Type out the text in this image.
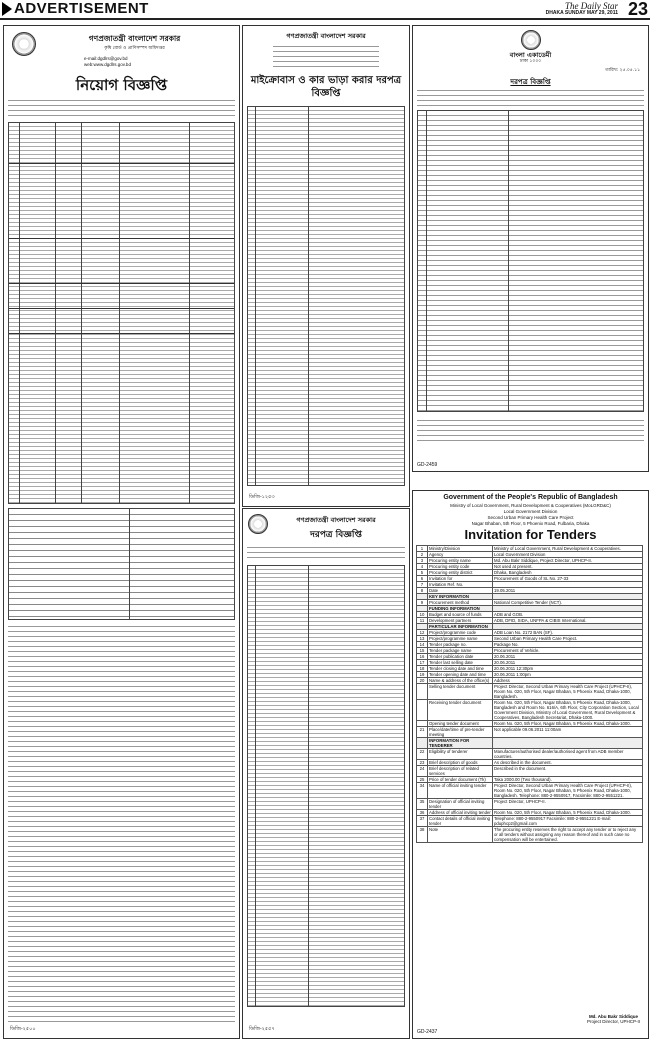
ADVERTISEMENT	The Daily Star
DHAKA SUNDAY MAY 29, 2011 23
গণপ্রজাতন্ত্রী বাংলাদেশ সরকার
কৃষি বোর্ড ও প্রাণিসম্পদ অধিদপ্তর
e-mail:dgdlrs@gov.bd
web:www.dgdlrs.gov.bd
নিয়োগ বিজ্ঞপ্তি
ডিজি-২৫০০
গণপ্রজাতন্ত্রী বাংলাদেশ সরকার
মাইক্রোবাস ও কার ভাড়া করার দরপত্র বিজ্ঞপ্তি
ডিজি-১২৫৩
গণপ্রজাতন্ত্রী বাংলাদেশ সরকার
দরপত্র বিজ্ঞপ্তি
ডিজি-২৫৫৭
বাংলা একাডেমী
ঢাকা ১০০০
তারিখ: ২৫.০৫.১১
দরপত্র বিজ্ঞপ্তি
GD-2459
Government of the People's Republic of Bangladesh
Ministry of Local Government, Rural Development & Cooperatives (MoLGRD&C)
Local Government Division
Second Urban Primary Health Care Project
Nagar Bhaban, 5th Floor, 5 Phoenix Road, Fulbaria, Dhaka
Invitation for Tenders
1	Ministry/Division	Ministry of Local Government, Rural Development & Cooperatives.
2	Agency	Local Government Division
3	Procuring entity name	Md. Abu Bakr Siddique, Project Director, UPHCP-II.
4	Procuring entity code	Not used at present.
5	Procuring entity district	Dhaka, Bangladesh
6	Invitation for	Procurement of Goods of SL No. 27-33
7	Invitation Ref. No.	
8	Date	19.05.2011
	KEY INFORMATION	
9	Procurement method	National Competitive Tender (NCT).
	FUNDING INFORMATION	
10	Budget and source of funds	ADB and GOB.
11	Development partners	ADB, DFID, SIDA, UNFPA & CIBIS International.
	PARTICULAR INFORMATION	
12	Project/programme code	ADB Loan No. 2172 BAN (SF).
13	Project/programme name	Second Urban Primary Health Care Project.
14	Tender package no.	Package No.
15	Tender package name	Procurement of Vehicle.
16	Tender publication date	20.06.2011
17	Tender last selling date	20.06.2011
18	Tender closing date and time	20.06.2011 12:30pm
19	Tender opening date and time	20.06.2011 1:00pm
20	Name & address of the office(s)	Address
	Selling tender document	Project Director, Second Urban Primary Health Care Project (UPHCP-II), Room No. 020, 5th Floor, Nagar Bhaban, 5 Phoenix Road, Dhaka-1000, Bangladesh.
	Receiving tender document	Room No. 020, 5th Floor, Nagar Bhaban, 5 Phoenix Road, Dhaka-1000, Bangladesh and Room No. 616/A, 6th Floor, City Corporation Section, Local Government Division, Ministry of Local Government, Rural Development & Cooperatives, Bangladesh Secretariat, Dhaka-1000.
	Opening tender document	Room No. 020, 5th Floor, Nagar Bhaban, 5 Phoenix Road, Dhaka-1000.
21	Place/date/time of pre-tender meeting	Not applicable 09.06.2011 11:00am
	INFORMATION FOR TENDERER	
22	Eligibility of tenderer	Manufacturer/authorised dealer/authorised agent from ADB member countries.
23	Brief description of goods	As described in the document.
24	Brief description of related services	Described in the document.
25	Price of tender document (Tk)	Taka 2000.00 (Two thousand).
34	Name of official inviting tender	Project Director, Second Urban Primary Health Care Project (UPHCP-II), Room No. 020, 5th Floor, Nagar Bhaban, 5 Phoenix Road, Dhaka-1000, Bangladesh. Telephone: 880-2-9550917, Facsimile: 880-2-9551221.
35	Designation of official inviting tender	Project Director, UPHCP-II.
36	Address of official inviting tender	Room No. 020, 5th Floor, Nagar Bhaban, 5 Phoenix Road, Dhaka-1000.
37	Contact details of official inviting tender	Telephone: 880-2-9550917 Facsimile: 880-2-9551221 E-mail: pduphcp2@gmail.com
38	Note	The procuring entity reserves the right to accept any tender or to reject any or all tenders without assigning any reason thereof and in such case no compensation will be entertained.
Md. Abu Bakr Siddique
Project Director, UPHCP-II
GD-2437
